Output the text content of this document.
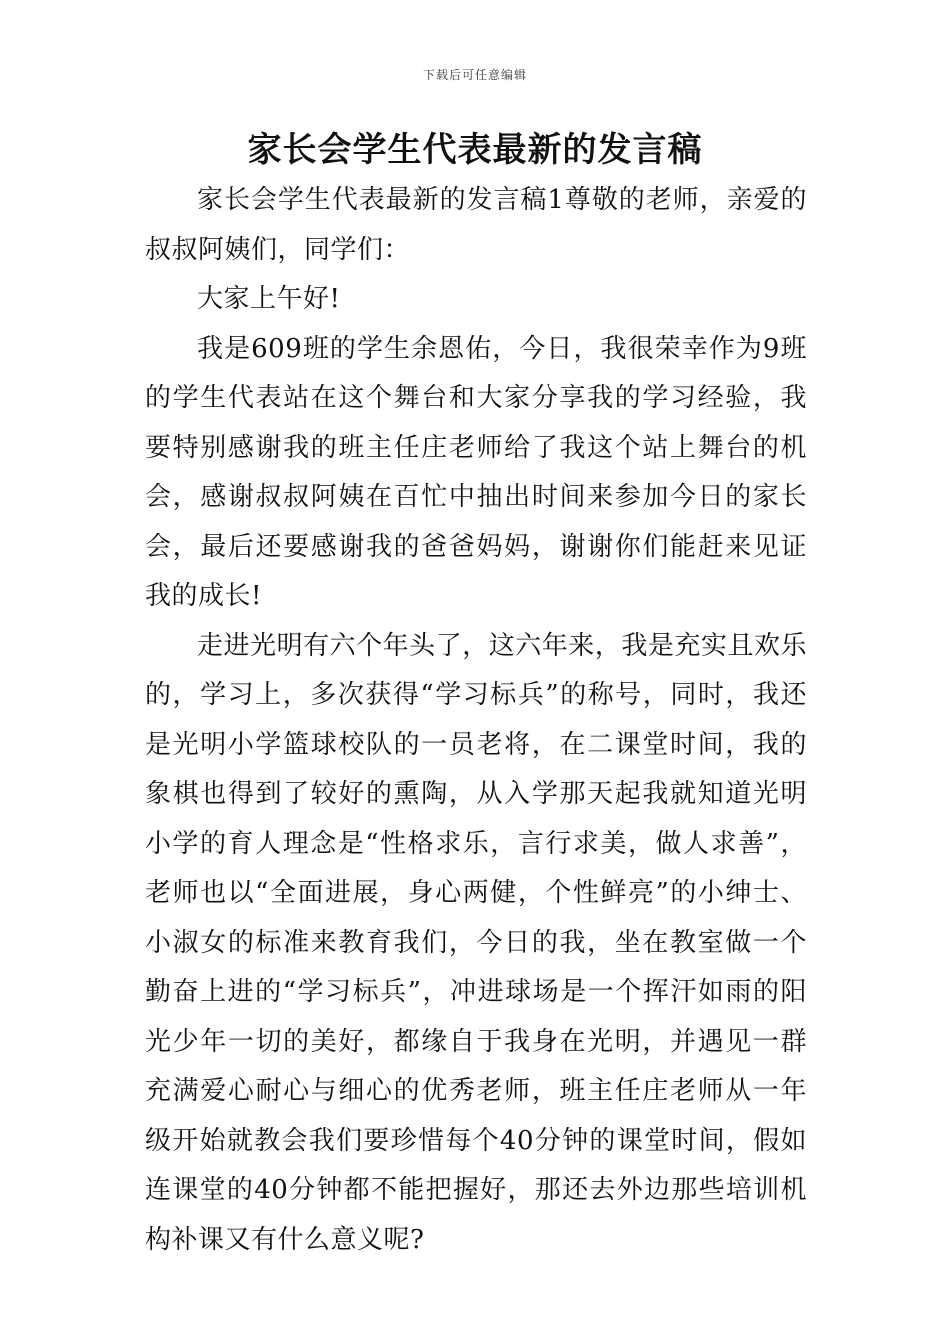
下载后可任意编辑
家长会学生代表最新的发言稿

家长会学生代表最新的发言稿1尊敬的老师，亲爱的叔叔阿姨们，同学们：

大家上午好!

我是609班的学生余恩佑，今日，我很荣幸作为9班的学生代表站在这个舞台和大家分享我的学习经验，我要特别感谢我的班主任庄老师给了我这个站上舞台的机会，感谢叔叔阿姨在百忙中抽出时间来参加今日的家长会，最后还要感谢我的爸爸妈妈，谢谢你们能赶来见证我的成长!

走进光明有六个年头了，这六年来，我是充实且欢乐的，学习上，多次获得“学习标兵”的称号，同时，我还是光明小学篮球校队的一员老将，在二课堂时间，我的象棋也得到了较好的熏陶，从入学那天起我就知道光明小学的育人理念是“性格求乐，言行求美，做人求善”，老师也以“全面进展，身心两健，个性鲜亮”的小绅士、小淑女的标准来教育我们，今日的我，坐在教室做一个勤奋上进的“学习标兵”，冲进球场是一个挥汗如雨的阳光少年一切的美好，都缘自于我身在光明，并遇见一群充满爱心耐心与细心的优秀老师，班主任庄老师从一年级开始就教会我们要珍惜每个40分钟的课堂时间，假如连课堂的40分钟都不能把握好，那还去外边那些培训机构补课又有什么意义呢?
